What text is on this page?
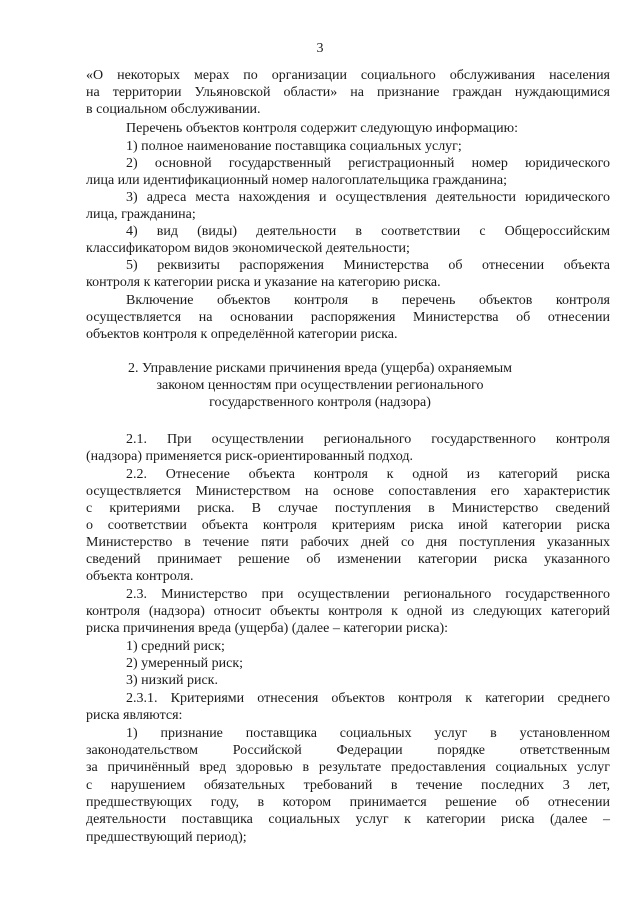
3
«О некоторых мерах по организации социального обслуживания населения
на территории Ульяновской области» на признание граждан нуждающимися
в социальном обслуживании.
Перечень объектов контроля содержит следующую информацию:
1) полное наименование поставщика социальных услуг;
2) основной государственный регистрационный номер юридического
лица или идентификационный номер налогоплательщика гражданина;
3) адреса места нахождения и осуществления деятельности юридического
лица, гражданина;
4) вид (виды) деятельности в соответствии с Общероссийским
классификатором видов экономической деятельности;
5) реквизиты распоряжения Министерства об отнесении объекта
контроля к категории риска и указание на категорию риска.
Включение объектов контроля в перечень объектов контроля
осуществляется на основании распоряжения Министерства об отнесении
объектов контроля к определённой категории риска.
2. Управление рисками причинения вреда (ущерба) охраняемым
законом ценностям при осуществлении регионального
государственного контроля (надзора)
2.1. При осуществлении регионального государственного контроля
(надзора) применяется риск-ориентированный подход.
2.2. Отнесение объекта контроля к одной из категорий риска
осуществляется Министерством на основе сопоставления его характеристик
с критериями риска. В случае поступления в Министерство сведений
о соответствии объекта контроля критериям риска иной категории риска
Министерство в течение пяти рабочих дней со дня поступления указанных
сведений принимает решение об изменении категории риска указанного
объекта контроля.
2.3. Министерство при осуществлении регионального государственного
контроля (надзора) относит объекты контроля к одной из следующих категорий
риска причинения вреда (ущерба) (далее – категории риска):
1) средний риск;
2) умеренный риск;
3) низкий риск.
2.3.1. Критериями отнесения объектов контроля к категории среднего
риска являются:
1) признание поставщика социальных услуг в установленном
законодательством Российской Федерации порядке ответственным
за причинённый вред здоровью в результате предоставления социальных услуг
с нарушением обязательных требований в течение последних 3 лет,
предшествующих году, в котором принимается решение об отнесении
деятельности поставщика социальных услуг к категории риска (далее –
предшествующий период);
